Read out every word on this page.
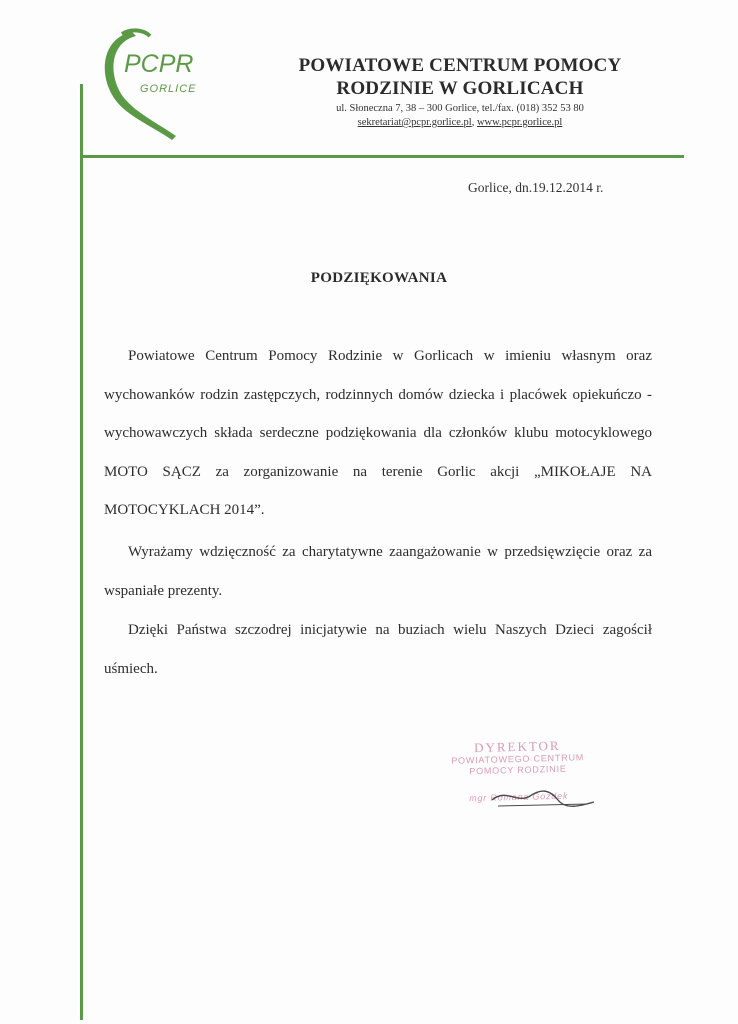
PCPR
GORLICE
POWIATOWE CENTRUM POMOCY
RODZINIE W GORLICACH
ul. Słoneczna 7, 38 – 300 Gorlice, tel./fax. (018) 352 53 80
sekretariat@pcpr.gorlice.pl, www.pcpr.gorlice.pl
Gorlice, dn.19.12.2014 r.
PODZIĘKOWANIA
Powiatowe Centrum Pomocy Rodzinie w Gorlicach w imieniu własnym oraz wychowanków rodzin zastępczych, rodzinnych domów dziecka i placówek opiekuńczo - wychowawczych składa serdeczne podziękowania dla członków klubu motocyklowego MOTO SĄCZ za zorganizowanie na terenie Gorlic akcji „MIKOŁAJE NA MOTOCYKLACH 2014”.
Wyrażamy wdzięczność za charytatywne zaangażowanie w przedsięwzięcie oraz za wspaniałe prezenty.
Dzięki Państwa szczodrej inicjatywie na buziach wielu Naszych Dzieci zagościł uśmiech.
DYREKTOR
POWIATOWEGO CENTRUM
POMOCY RODZINIE
mgr Romana Gozdek
